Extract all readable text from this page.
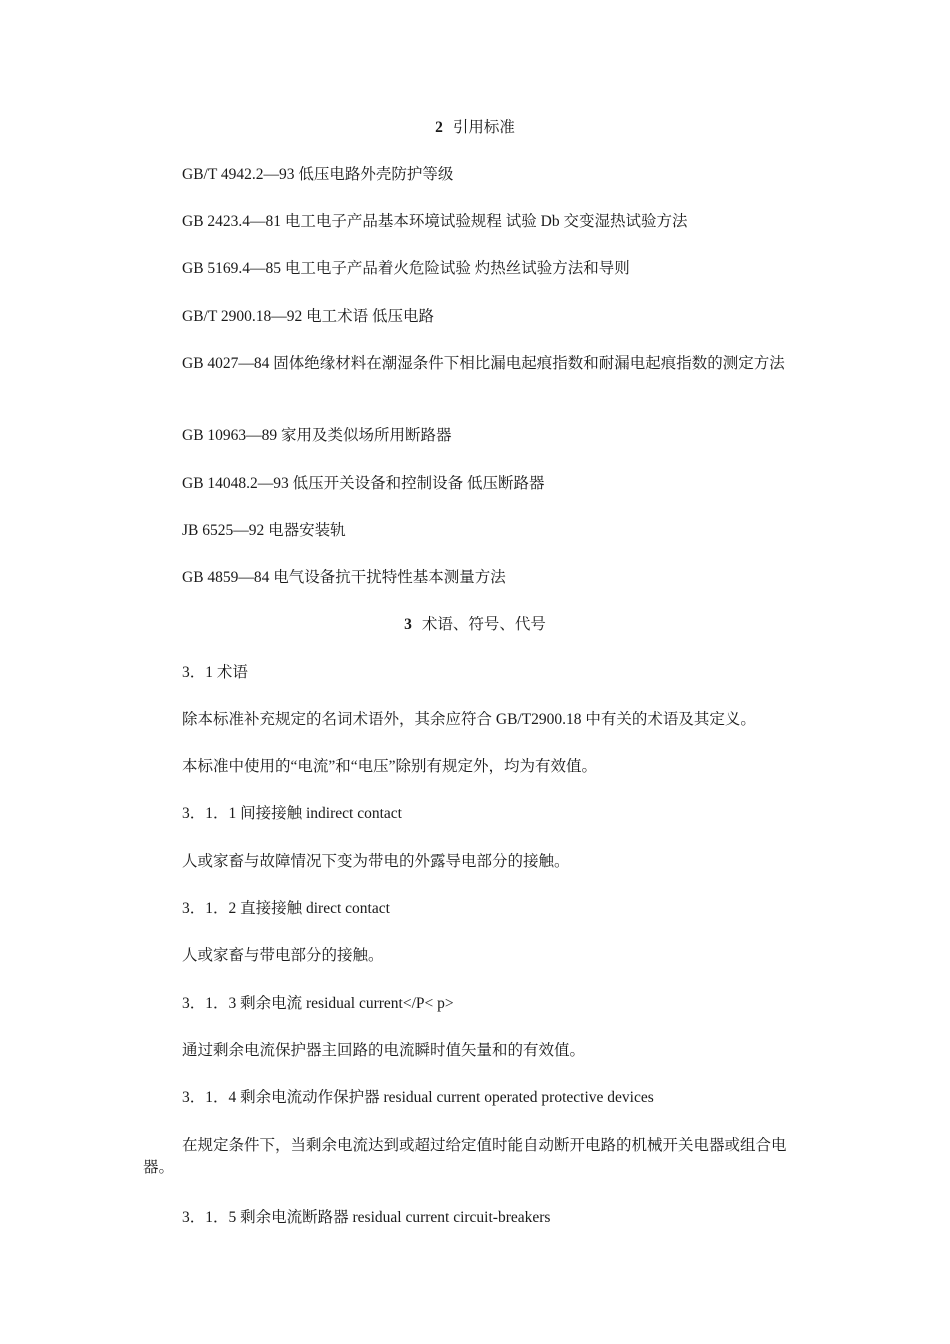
2 引用标准
GB/T 4942.2—93 低压电路外壳防护等级
GB 2423.4—81 电工电子产品基本环境试验规程 试验 Db 交变湿热试验方法
GB 5169.4—85 电工电子产品着火危险试验 灼热丝试验方法和导则
GB/T 2900.18—92 电工术语 低压电路
GB 4027—84 固体绝缘材料在潮湿条件下相比漏电起痕指数和耐漏电起痕指数的测定方法
GB 10963—89 家用及类似场所用断路器
GB 14048.2—93 低压开关设备和控制设备 低压断路器
JB 6525—92 电器安装轨
GB 4859—84 电气设备抗干扰特性基本测量方法
3 术语、符号、代号
3．1 术语
除本标准补充规定的名词术语外，其余应符合 GB/T2900.18 中有关的术语及其定义。
本标准中使用的“电流”和“电压”除别有规定外，均为有效值。
3．1．1 间接接触 indirect contact
人或家畜与故障情况下变为带电的外露导电部分的接触。
3．1．2 直接接触 direct contact
人或家畜与带电部分的接触。
3．1．3 剩余电流 residual current</P< p>
通过剩余电流保护器主回路的电流瞬时值矢量和的有效值。
3．1．4 剩余电流动作保护器 residual current operated protective devices
在规定条件下，当剩余电流达到或超过给定值时能自动断开电路的机械开关电器或组合电器。
3．1．5 剩余电流断路器 residual current circuit-breakers
